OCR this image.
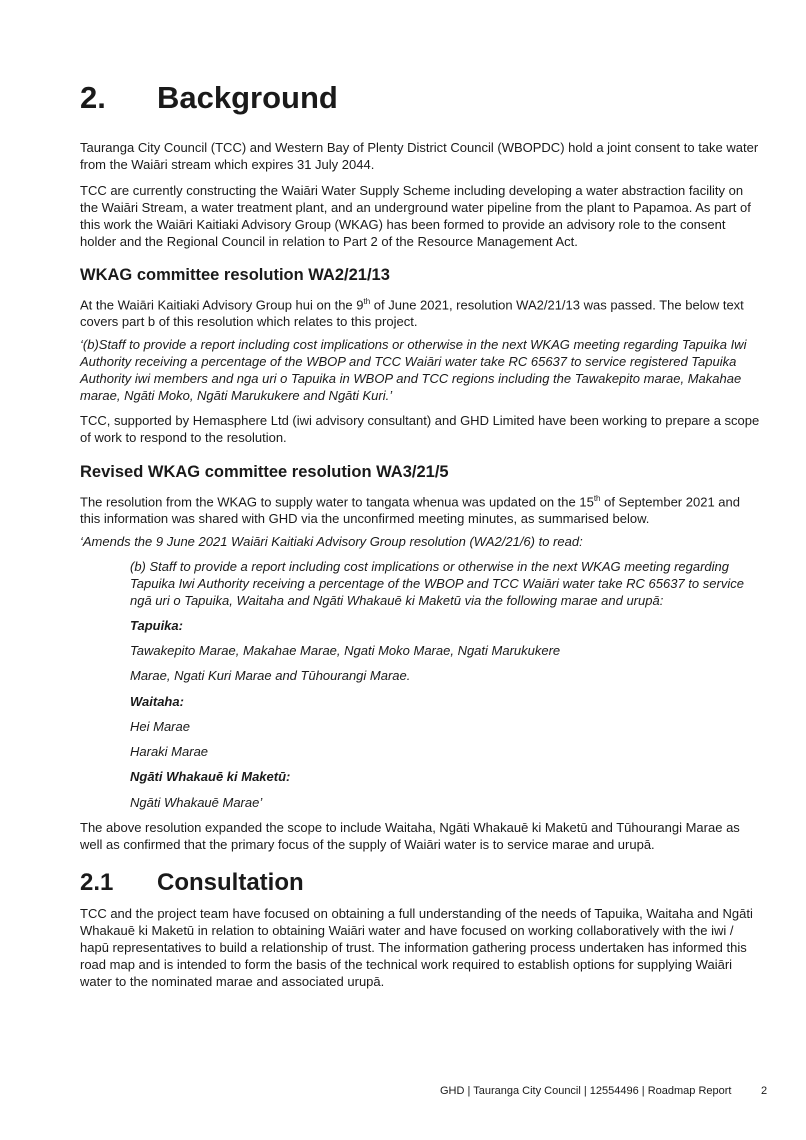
2. Background

Tauranga City Council (TCC) and Western Bay of Plenty District Council (WBOPDC) hold a joint consent to take water from the Waiāri stream which expires 31 July 2044.

TCC are currently constructing the Waiāri Water Supply Scheme including developing a water abstraction facility on the Waiāri Stream, a water treatment plant, and an underground water pipeline from the plant to Papamoa. As part of this work the Waiāri Kaitiaki Advisory Group (WKAG) has been formed to provide an advisory role to the consent holder and the Regional Council in relation to Part 2 of the Resource Management Act.

WKAG committee resolution WA2/21/13

At the Waiāri Kaitiaki Advisory Group hui on the 9th of June 2021, resolution WA2/21/13 was passed. The below text covers part b of this resolution which relates to this project.

‘(b)Staff to provide a report including cost implications or otherwise in the next WKAG meeting regarding Tapuika Iwi Authority receiving a percentage of the WBOP and TCC Waiāri water take RC 65637 to service registered Tapuika Authority iwi members and nga uri o Tapuika in WBOP and TCC regions including the Tawakepito marae, Makahae marae, Ngāti Moko, Ngāti Marukukere and Ngāti Kuri.’

TCC, supported by Hemasphere Ltd (iwi advisory consultant) and GHD Limited have been working to prepare a scope of work to respond to the resolution.

Revised WKAG committee resolution WA3/21/5

The resolution from the WKAG to supply water to tangata whenua was updated on the 15th of September 2021 and this information was shared with GHD via the unconfirmed meeting minutes, as summarised below.

‘Amends the 9 June 2021 Waiāri Kaitiaki Advisory Group resolution (WA2/21/6) to read:

(b) Staff to provide a report including cost implications or otherwise in the next WKAG meeting regarding Tapuika Iwi Authority receiving a percentage of the WBOP and TCC Waiāri water take RC 65637 to service ngā uri o Tapuika, Waitaha and Ngāti Whakauē ki Maketū via the following marae and urupā:

Tapuika:

Tawakepito Marae, Makahae Marae, Ngati Moko Marae, Ngati Marukukere

Marae, Ngati Kuri Marae and Tūhourangi Marae.

Waitaha:

Hei Marae

Haraki Marae

Ngāti Whakauē ki Maketū:

Ngāti Whakauē Marae’

The above resolution expanded the scope to include Waitaha, Ngāti Whakauē ki Maketū and Tūhourangi Marae as well as confirmed that the primary focus of the supply of Waiāri water is to service marae and urupā.

2.1 Consultation

TCC and the project team have focused on obtaining a full understanding of the needs of Tapuika, Waitaha and Ngāti Whakauē ki Maketū in relation to obtaining Waiāri water and have focused on working collaboratively with the iwi / hapū representatives to build a relationship of trust. The information gathering process undertaken has informed this road map and is intended to form the basis of the technical work required to establish options for supplying Waiāri water to the nominated marae and associated urupā.

GHD | Tauranga City Council | 12554496 | Roadmap Report	2
